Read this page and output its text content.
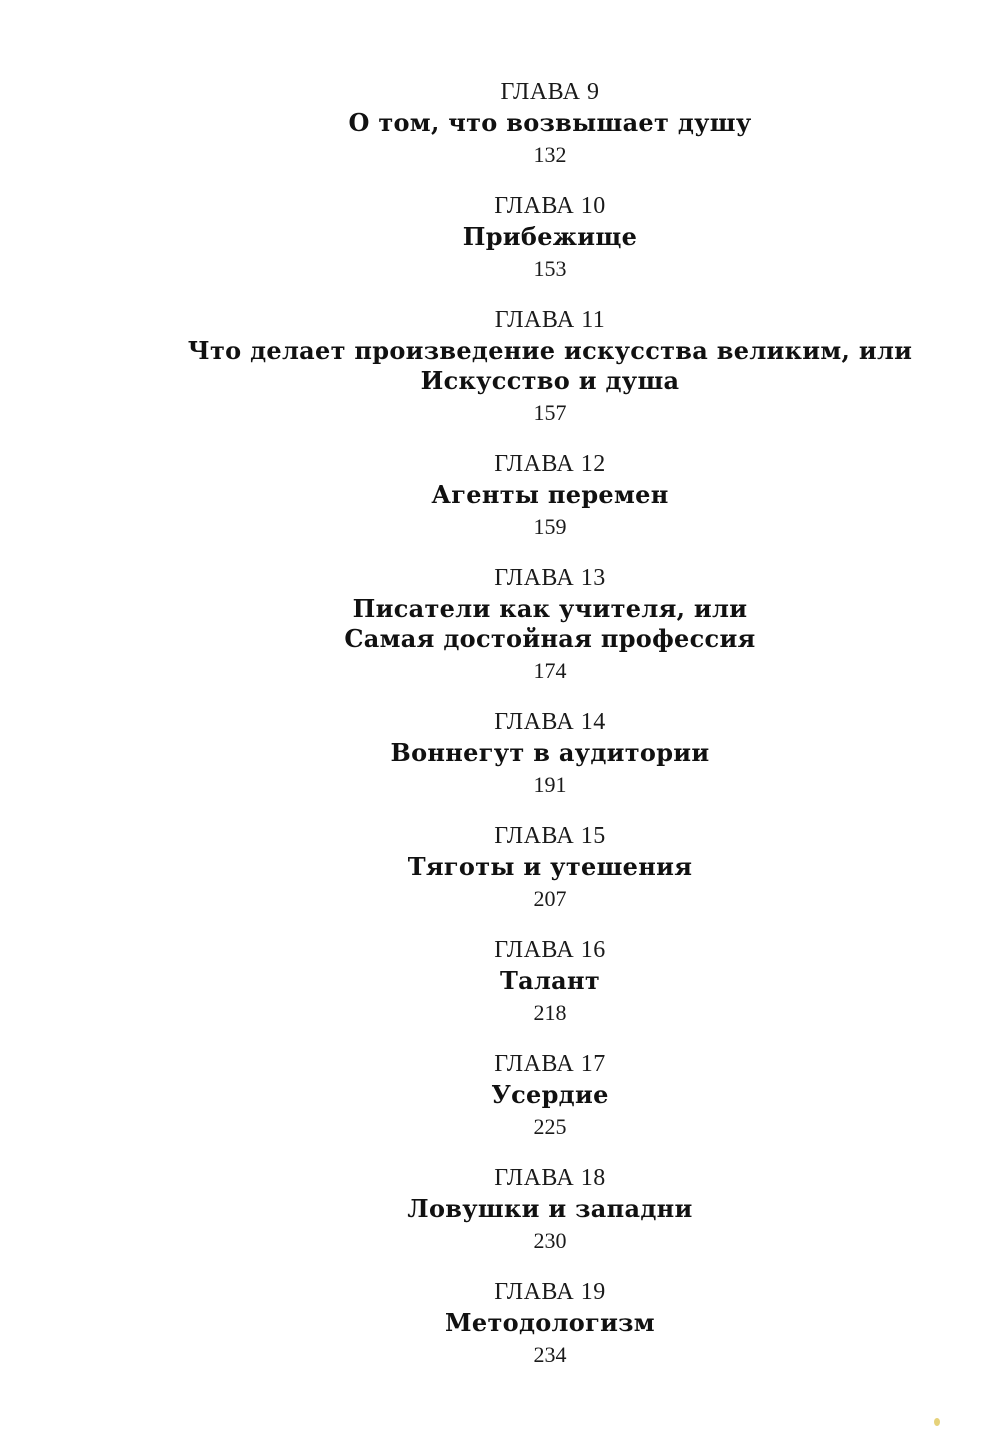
ГЛАВА 9
О том, что возвышает душу
132
ГЛАВА 10
Прибежище
153
ГЛАВА 11
Что делает произведение искусства великим, или
Искусство и душа
157
ГЛАВА 12
Агенты перемен
159
ГЛАВА 13
Писатели как учителя, или
Самая достойная профессия
174
ГЛАВА 14
Воннегут в аудитории
191
ГЛАВА 15
Тяготы и утешения
207
ГЛАВА 16
Талант
218
ГЛАВА 17
Усердие
225
ГЛАВА 18
Ловушки и западни
230
ГЛАВА 19
Методологизм
234
